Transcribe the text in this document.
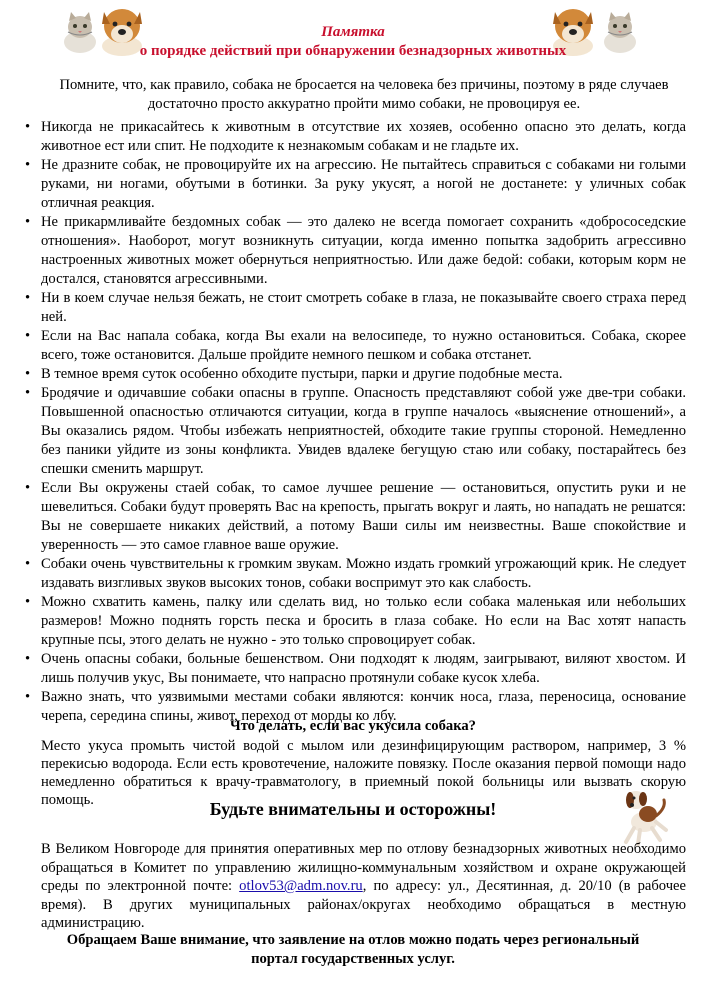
Памятка
о порядке действий при обнаружении безнадзорных животных
Помните, что, как правило, собака не бросается на человека без причины, поэтому в ряде случаев достаточно просто аккуратно пройти мимо собаки, не провоцируя ее.
• Никогда не прикасайтесь к животным в отсутствие их хозяев, особенно опасно это делать, когда животное ест или спит. Не подходите к незнакомым собакам и не гладьте их.
• Не дразните собак, не провоцируйте их на агрессию. Не пытайтесь справиться с собаками ни голыми руками, ни ногами, обутыми в ботинки. За руку укусят, а ногой не достанете: у уличных собак отличная реакция.
• Не прикармливайте бездомных собак — это далеко не всегда помогает сохранить «добрососедские отношения». Наоборот, могут возникнуть ситуации, когда именно попытка задобрить агрессивно настроенных животных может обернуться неприятностью. Или даже бедой: собаки, которым корм не достался, становятся агрессивными.
• Ни в коем случае нельзя бежать, не стоит смотреть собаке в глаза, не показывайте своего страха перед ней.
• Если на Вас напала собака, когда Вы ехали на велосипеде, то нужно остановиться. Собака, скорее всего, тоже остановится. Дальше пройдите немного пешком и собака отстанет.
• В темное время суток особенно обходите пустыри, парки и другие подобные места.
• Бродячие и одичавшие собаки опасны в группе. Опасность представляют собой уже две-три собаки. Повышенной опасностью отличаются ситуации, когда в группе началось «выяснение отношений», а Вы оказались рядом. Чтобы избежать неприятностей, обходите такие группы стороной. Немедленно без паники уйдите из зоны конфликта. Увидев вдалеке бегущую стаю или собаку, постарайтесь без спешки сменить маршрут.
• Если Вы окружены стаей собак, то самое лучшее решение — остановиться, опустить руки и не шевелиться. Собаки будут проверять Вас на крепость, прыгать вокруг и лаять, но нападать не решатся: Вы не совершаете никаких действий, а потому Ваши силы им неизвестны. Ваше спокойствие и уверенность — это самое главное ваше оружие.
• Собаки очень чувствительны к громким звукам. Можно издать громкий угрожающий крик. Не следует издавать визгливых звуков высоких тонов, собаки воспримут это как слабость.
• Можно схватить камень, палку или сделать вид, но только если собака маленькая или небольших размеров! Можно поднять горсть песка и бросить в глаза собаке. Но если на Вас хотят напасть крупные псы, этого делать не нужно - это только спровоцирует собак.
• Очень опасны собаки, больные бешенством. Они подходят к людям, заигрывают, виляют хвостом. И лишь получив укус, Вы понимаете, что напрасно протянули собаке кусок хлеба.
• Важно знать, что уязвимыми местами собаки являются: кончик носа, глаза, переносица, основание черепа, середина спины, живот, переход от морды ко лбу.
Что делать, если вас укусила собака?
Место укуса промыть чистой водой с мылом или дезинфицирующим раствором, например, 3 % перекисью водорода. Если есть кровотечение, наложите повязку. После оказания первой помощи надо немедленно обратиться к врачу-травматологу, в приемный покой больницы или вызвать скорую помощь.	Будьте внимательны и осторожны!
В Великом Новгороде для принятия оперативных мер по отлову безнадзорных животных необходимо обращаться в Комитет по управлению жилищно-коммунальным хозяйством и охране окружающей среды по электронной почте: otlov53@adm.nov.ru, по адресу: ул., Десятинная, д. 20/10 (в рабочее время). В других муниципальных районах/округах необходимо обращаться в местную администрацию.
Обращаем Ваше внимание, что заявление на отлов можно подать через региональный портал государственных услуг.
